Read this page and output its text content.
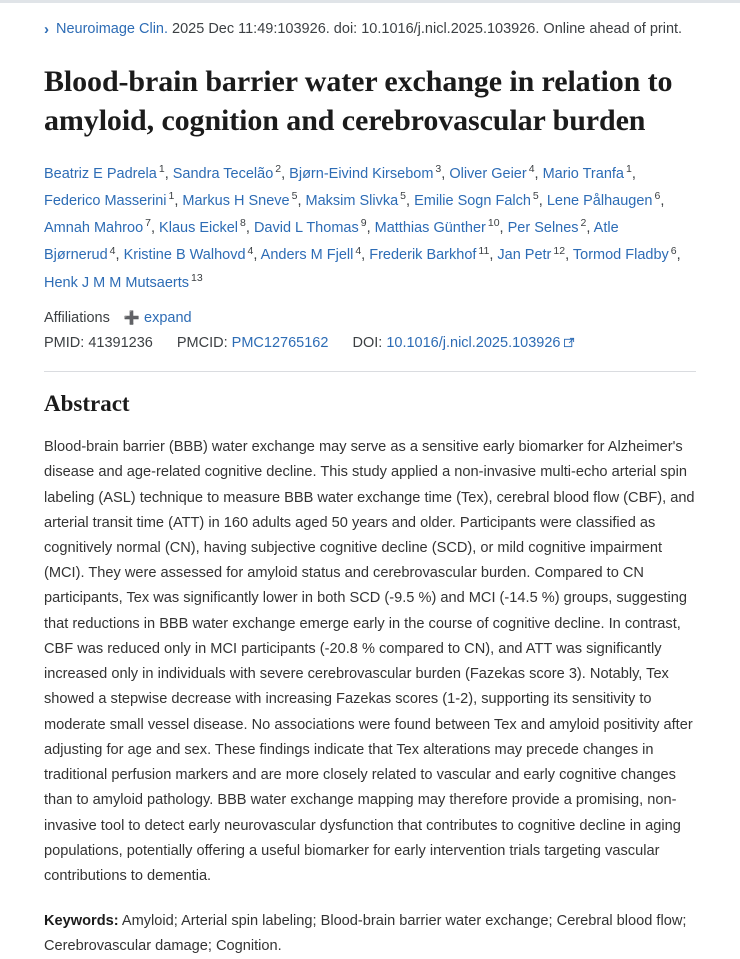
› Neuroimage Clin. 2025 Dec 11:49:103926. doi: 10.1016/j.nicl.2025.103926. Online ahead of print.
Blood-brain barrier water exchange in relation to amyloid, cognition and cerebrovascular burden
Beatriz E Padrela $^1$, Sandra Tecelão $^2$, Bjørn-Eivind Kirsebom $^3$, Oliver Geier $^4$, Mario Tranfa $^1$, Federico Masserini $^1$, Markus H Sneve $^5$, Maksim Slivka $^5$, Emilie Sogn Falch $^5$, Lene Pålhaugen $^6$, Amnah Mahroo $^7$, Klaus Eickel $^8$, David L Thomas $^9$, Matthias Günther $^{10}$, Per Selnes $^2$, Atle Bjørnerud $^4$, Kristine B Walhovd $^4$, Anders M Fjell $^4$, Frederik Barkhof $^{11}$, Jan Petr $^{12}$, Tormod Fladby $^6$, Henk J M M Mutsaerts $^{13}$
Affiliations ➕ expand
PMID: 41391236 PMCID: PMC12765162 DOI: 10.1016/j.nicl.2025.103926
Abstract

Blood-brain barrier (BBB) water exchange may serve as a sensitive early biomarker for Alzheimer's disease and age-related cognitive decline. This study applied a non-invasive multi-echo arterial spin labeling (ASL) technique to measure BBB water exchange time (Tex), cerebral blood flow (CBF), and arterial transit time (ATT) in 160 adults aged 50 years and older. Participants were classified as cognitively normal (CN), having subjective cognitive decline (SCD), or mild cognitive impairment (MCI). They were assessed for amyloid status and cerebrovascular burden. Compared to CN participants, Tex was significantly lower in both SCD (-9.5 %) and MCI (-14.5 %) groups, suggesting that reductions in BBB water exchange emerge early in the course of cognitive decline. In contrast, CBF was reduced only in MCI participants (-20.8 % compared to CN), and ATT was significantly increased only in individuals with severe cerebrovascular burden (Fazekas score 3). Notably, Tex showed a stepwise decrease with increasing Fazekas scores (1-2), supporting its sensitivity to moderate small vessel disease. No associations were found between Tex and amyloid positivity after adjusting for age and sex. These findings indicate that Tex alterations may precede changes in traditional perfusion markers and are more closely related to vascular and early cognitive changes than to amyloid pathology. BBB water exchange mapping may therefore provide a promising, non-invasive tool to detect early neurovascular dysfunction that contributes to cognitive decline in aging populations, potentially offering a useful biomarker for early intervention trials targeting vascular contributions to dementia.

Keywords: Amyloid; Arterial spin labeling; Blood-brain barrier water exchange; Cerebral blood flow; Cerebrovascular damage; Cognition.
